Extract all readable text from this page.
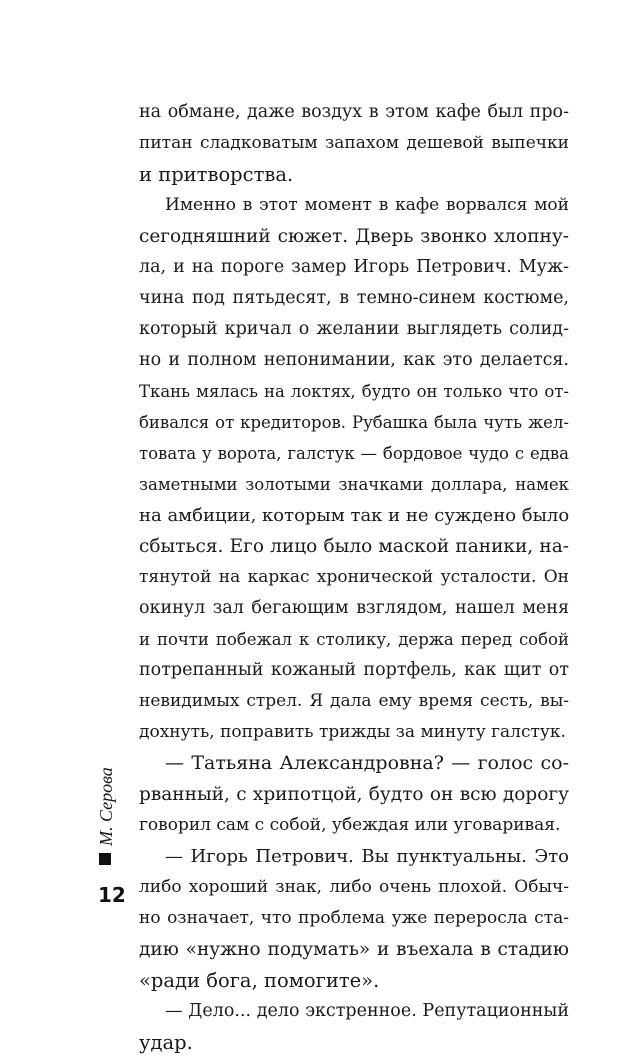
на обмане, даже воздух в этом кафе был про-
питан сладковатым запахом дешевой выпечки
и притворства.
Именно в этот момент в кафе ворвался мой
сегодняшний сюжет. Дверь звонко хлопну-
ла, и на пороге замер Игорь Петрович. Муж-
чина под пятьдесят, в темно-синем костюме,
который кричал о желании выглядеть солид-
но и полном непонимании, как это делается.
Ткань мялась на локтях, будто он только что от-
бивался от кредиторов. Рубашка была чуть жел-
товата у ворота, галстук — бордовое чудо с едва
заметными золотыми значками доллара, намек
на амбиции, которым так и не суждено было
сбыться. Его лицо было маской паники, на-
тянутой на каркас хронической усталости. Он
окинул зал бегающим взглядом, нашел меня
и почти побежал к столику, держа перед собой
потрепанный кожаный портфель, как щит от
невидимых стрел. Я дала ему время сесть, вы-
дохнуть, поправить трижды за минуту галстук.
— Татьяна Александровна? — голос со-
рванный, с хрипотцой, будто он всю дорогу
говорил сам с собой, убеждая или уговаривая.
— Игорь Петрович. Вы пунктуальны. Это
либо хороший знак, либо очень плохой. Обыч-
но означает, что проблема уже переросла ста-
дию «нужно подумать» и въехала в стадию
«ради бога, помогите».
— Дело... дело экстренное. Репутационный
удар.
М. Серова
12
